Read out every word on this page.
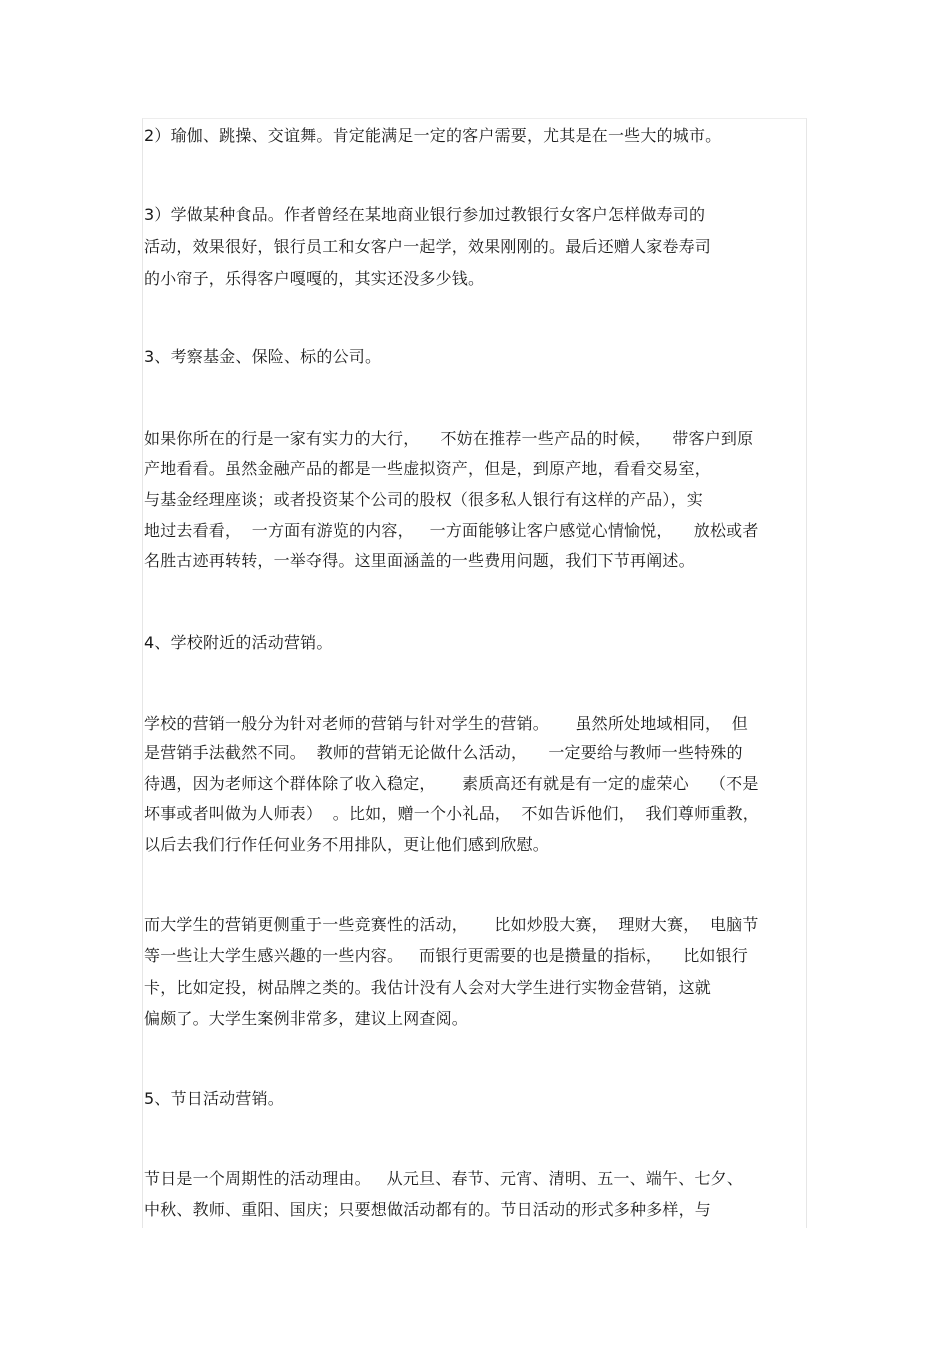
2）瑜伽、跳操、交谊舞。肯定能满足一定的客户需要，尤其是在一些大的城市。
3）学做某种食品。作者曾经在某地商业银行参加过教银行女客户怎样做寿司的
活动，效果很好，银行员工和女客户一起学，效果刚刚的。最后还赠人家卷寿司
的小帘子，乐得客户嘎嘎的，其实还没多少钱。
3、考察基金、保险、标的公司。
如果你所在的行是一家有实力的大行，    不妨在推荐一些产品的时候，    带客户到原
产地看看。虽然金融产品的都是一些虚拟资产，但是，到原产地，看看交易室，
与基金经理座谈；或者投资某个公司的股权（很多私人银行有这样的产品），实
地过去看看，  一方面有游览的内容，   一方面能够让客户感觉心情愉悦，    放松或者
名胜古迹再转转，一举夺得。这里面涵盖的一些费用问题，我们下节再阐述。
4、学校附近的活动营销。
学校的营销一般分为针对老师的营销与针对学生的营销。     虽然所处地域相同，  但
是营销手法截然不同。  教师的营销无论做什么活动，    一定要给与教师一些特殊的
待遇，因为老师这个群体除了收入稳定，     素质高还有就是有一定的虚荣心    （不是
坏事或者叫做为人师表）  。比如，赠一个小礼品，  不如告诉他们，  我们尊师重教，
以后去我们行作任何业务不用排队，更让他们感到欣慰。
而大学生的营销更侧重于一些竞赛性的活动，     比如炒股大赛，  理财大赛，  电脑节
等一些让大学生感兴趣的一些内容。   而银行更需要的也是攒量的指标，    比如银行
卡，比如定投，树品牌之类的。我估计没有人会对大学生进行实物金营销，这就
偏颇了。大学生案例非常多，建议上网查阅。
5、节日活动营销。
节日是一个周期性的活动理由。   从元旦、春节、元宵、清明、五一、端午、七夕、
中秋、教师、重阳、国庆；只要想做活动都有的。节日活动的形式多种多样，与
